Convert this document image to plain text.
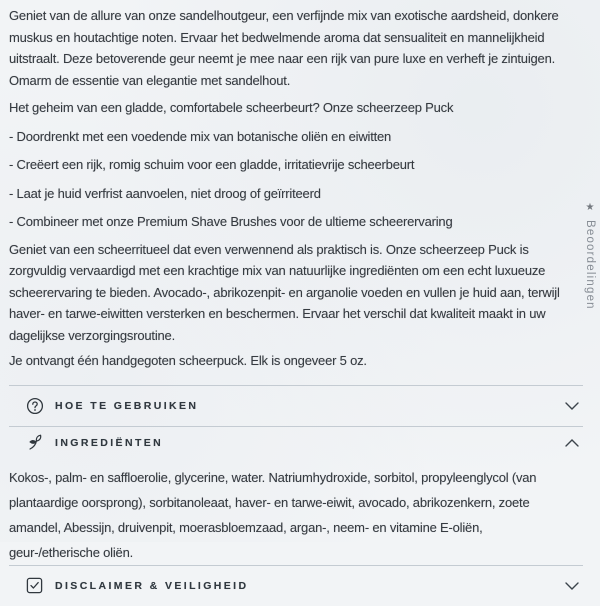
Geniet van de allure van onze sandelhoutgeur, een verfijnde mix van exotische aardsheid, donkere muskus en houtachtige noten. Ervaar het bedwelmende aroma dat sensualiteit en mannelijkheid uitstraalt. Deze betoverende geur neemt je mee naar een rijk van pure luxe en verheft je zintuigen. Omarm de essentie van elegantie met sandelhout.

Het geheim van een gladde, comfortabele scheerbeurt? Onze scheerzeep Puck

- Doordrenkt met een voedende mix van botanische oliën en eiwitten

- Creëert een rijk, romig schuim voor een gladde, irritatievrije scheerbeurt

- Laat je huid verfrist aanvoelen, niet droog of geïrriteerd

- Combineer met onze Premium Shave Brushes voor de ultieme scheerervaring

Geniet van een scheerritueel dat even verwennend als praktisch is. Onze scheerzeep Puck is zorgvuldig vervaardigd met een krachtige mix van natuurlijke ingrediënten om een echt luxueuze scheerervaring te bieden. Avocado-, abrikozenpit- en arganolie voeden en vullen je huid aan, terwijl haver- en tarwe-eiwitten versterken en beschermen. Ervaar het verschil dat kwaliteit maakt in uw dagelijkse verzorgingsroutine.

Je ontvangt één handgegoten scheerpuck. Elk is ongeveer 5 oz.

HOE TE GEBRUIKEN
INGREDIËNTEN

Kokos-, palm- en saffloerolie, glycerine, water. Natriumhydroxide, sorbitol, propyleenglycol (van plantaardige oorsprong), sorbitanoleaat, haver- en tarwe-eiwit, avocado, abrikozenkern, zoete amandel, Abessijn, druivenpit, moerasbloemzaad, argan-, neem- en vitamine E-oliën, geur-/etherische oliën.

DISCLAIMER & VEILIGHEID
★
Beoordelingen
